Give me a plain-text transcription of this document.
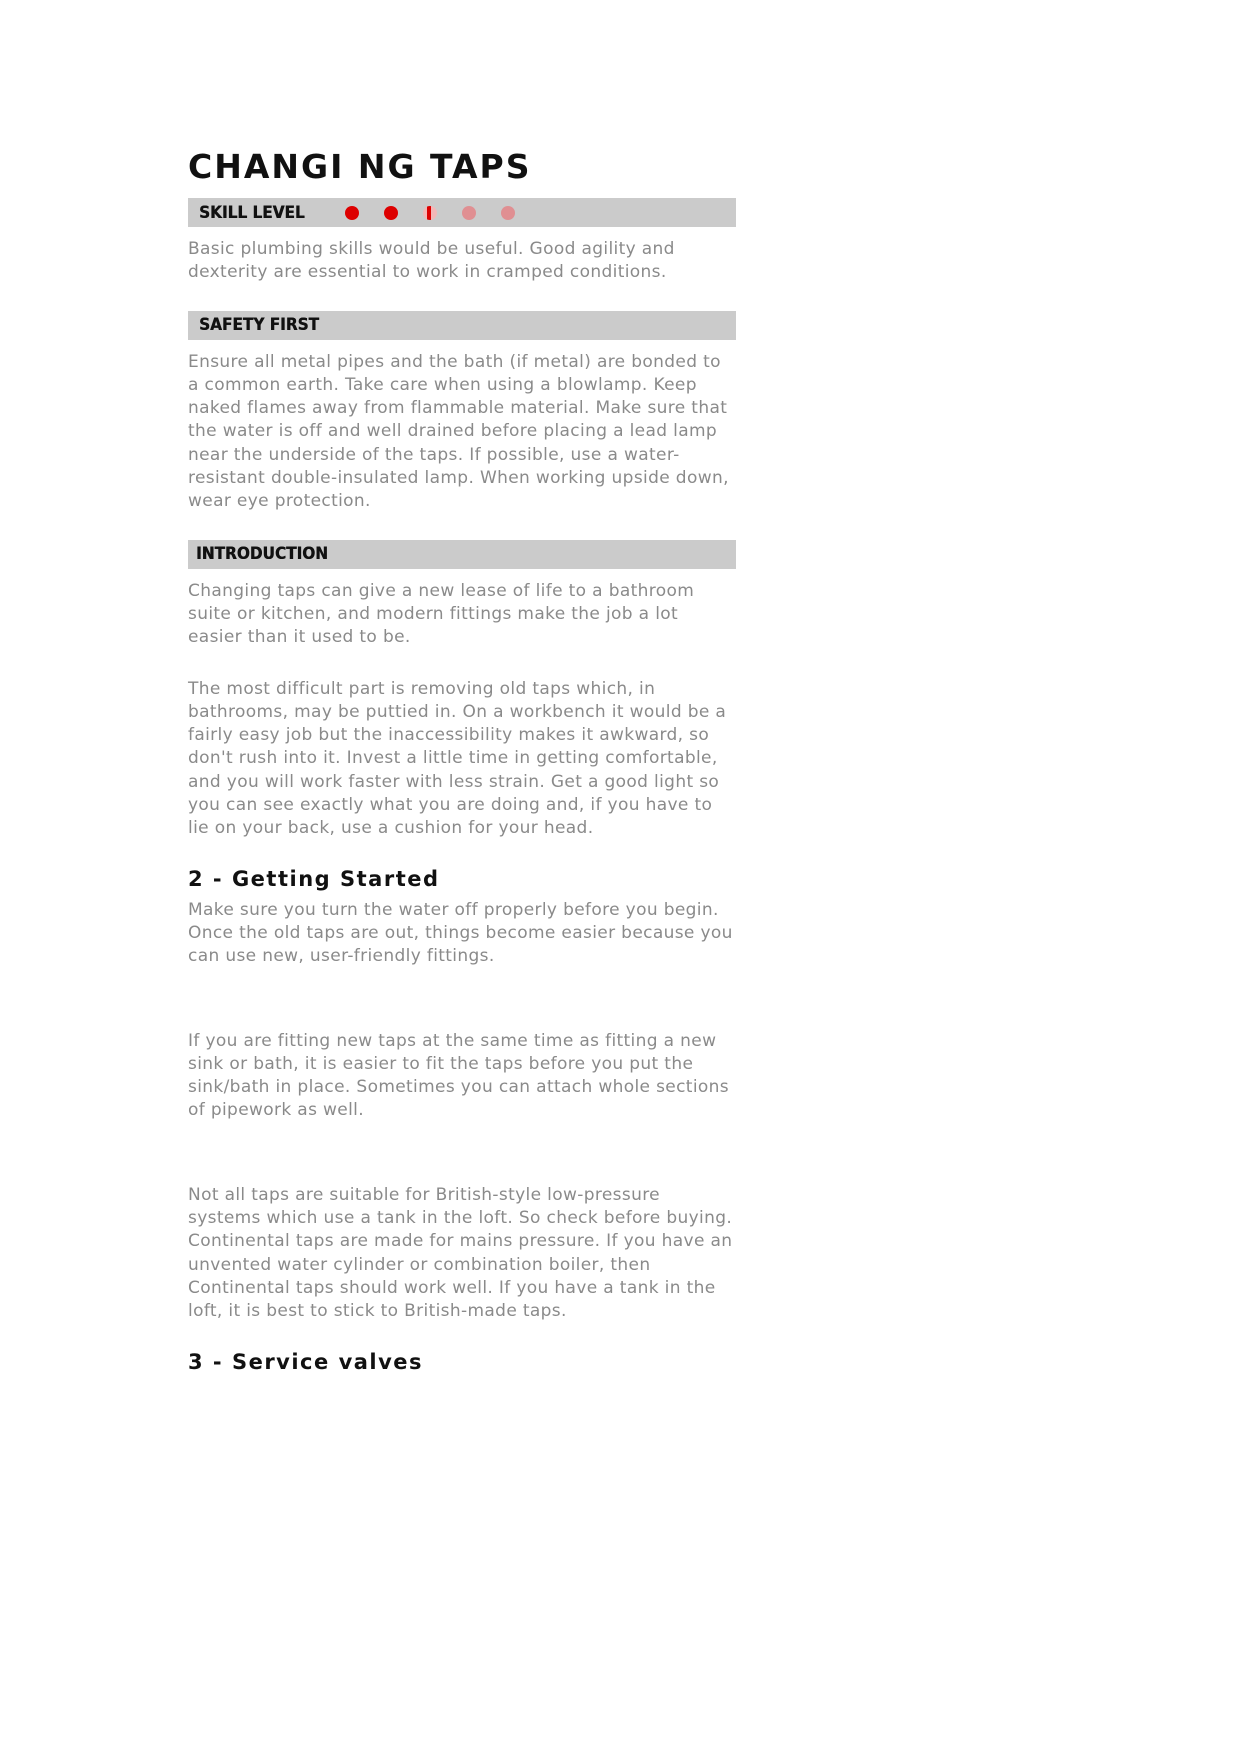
CHANGI NG TAPS
SKILL LEVEL

Basic plumbing skills would be useful. Good agility and dexterity are essential to work in cramped conditions.

SAFETY FIRST

Ensure all metal pipes and the bath (if metal) are bonded to a common earth. Take care when using a blowlamp. Keep naked flames away from flammable material. Make sure that the water is off and well drained before placing a lead lamp near the underside of the taps. If possible, use a water-resistant double-insulated lamp. When working upside down, wear eye protection.

INTRODUCTION

Changing taps can give a new lease of life to a bathroom suite or kitchen, and modern fittings make the job a lot easier than it used to be.

The most difficult part is removing old taps which, in bathrooms, may be puttied in. On a workbench it would be a fairly easy job but the inaccessibility makes it awkward, so don't rush into it. Invest a little time in getting comfortable, and you will work faster with less strain. Get a good light so you can see exactly what you are doing and, if you have to lie on your back, use a cushion for your head.

2 - Getting Started

Make sure you turn the water off properly before you begin. Once the old taps are out, things become easier because you can use new, user-friendly fittings.

If you are fitting new taps at the same time as fitting a new sink or bath, it is easier to fit the taps before you put the sink/bath in place. Sometimes you can attach whole sections of pipework as well.

Not all taps are suitable for British-style low-pressure systems which use a tank in the loft. So check before buying. Continental taps are made for mains pressure. If you have an unvented water cylinder or combination boiler, then Continental taps should work well. If you have a tank in the loft, it is best to stick to British-made taps.

3 - Service valves
